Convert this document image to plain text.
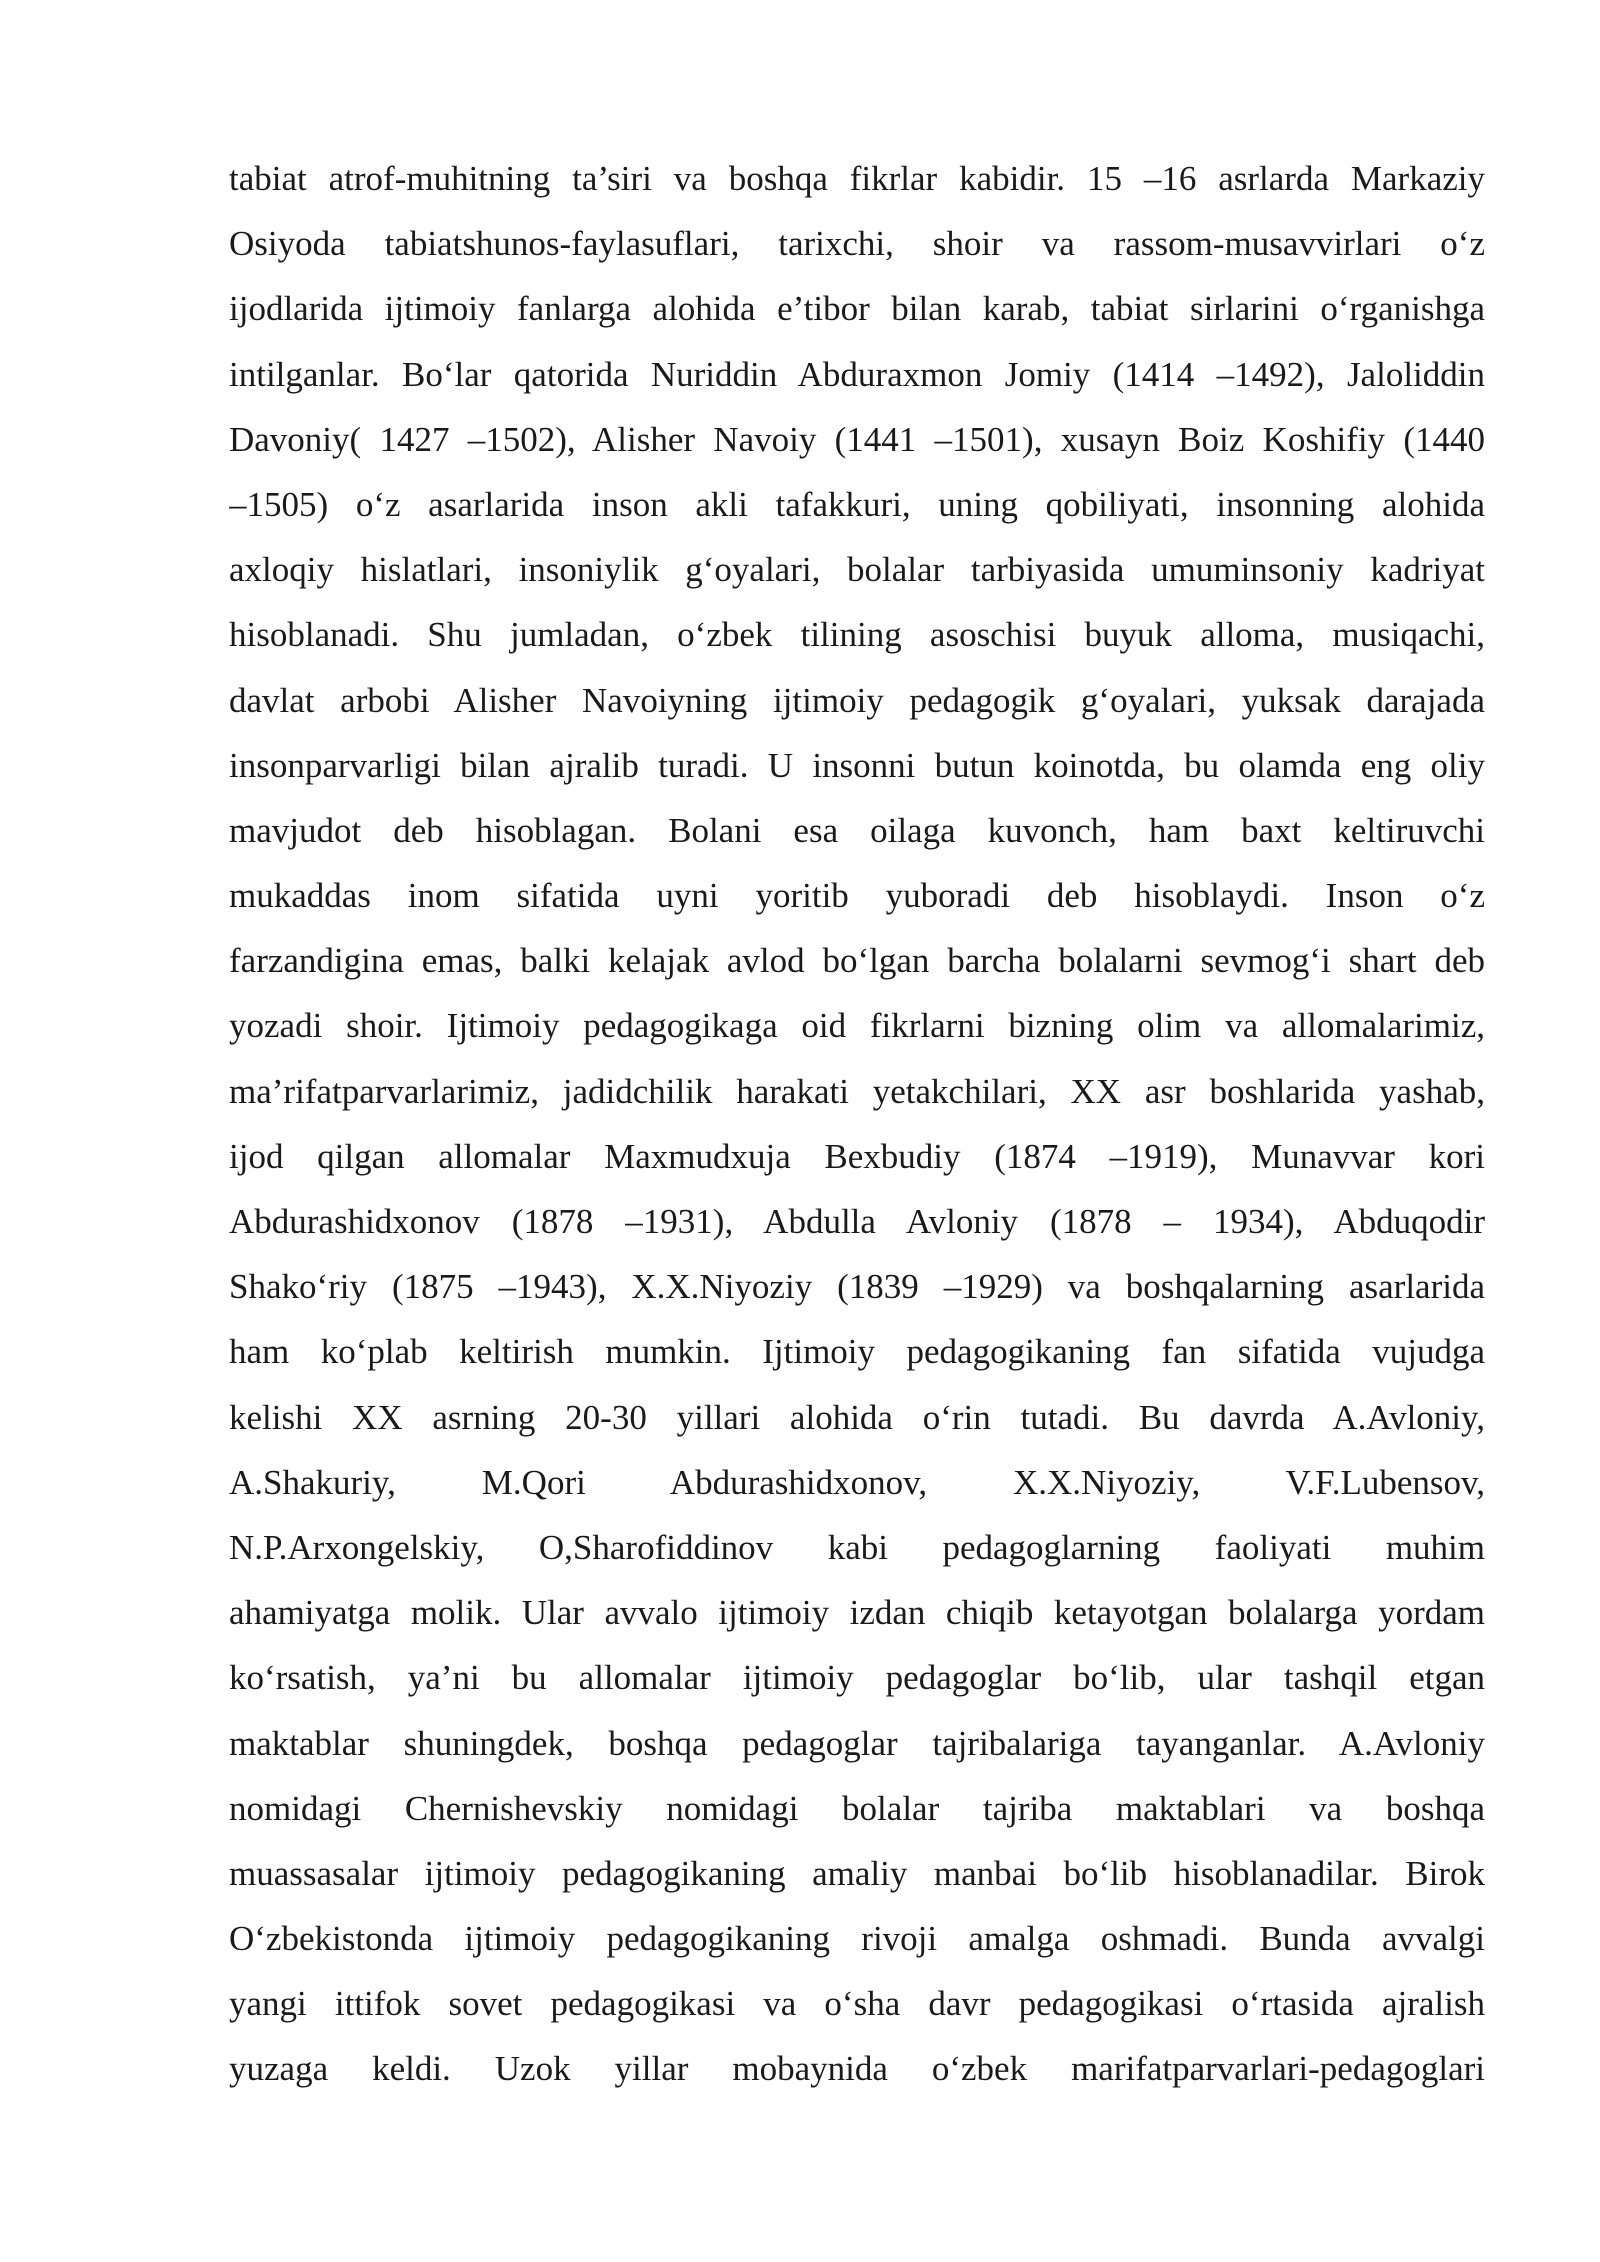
tabiat atrof-muhitning ta’siri va boshqa fikrlar kabidir. 15 –16 asrlarda Markaziy
Osiyoda tabiatshunos-faylasuflari, tarixchi, shoir va rassom-musavvirlari o‘z
ijodlarida ijtimoiy fanlarga alohida e’tibor bilan karab, tabiat sirlarini o‘rganishga
intilganlar. Bo‘lar qatorida Nuriddin Abduraxmon Jomiy (1414 –1492), Jaloliddin
Davoniy( 1427 –1502), Alisher Navoiy (1441 –1501), xusayn Boiz Koshifiy (1440
–1505) o‘z asarlarida inson akli tafakkuri, uning qobiliyati, insonning alohida
axloqiy hislatlari, insoniylik g‘oyalari, bolalar tarbiyasida umuminsoniy kadriyat
hisoblanadi. Shu jumladan, o‘zbek tilining asoschisi buyuk alloma, musiqachi,
davlat arbobi Alisher Navoiyning ijtimoiy pedagogik g‘oyalari, yuksak darajada
insonparvarligi bilan ajralib turadi. U insonni butun koinotda, bu olamda eng oliy
mavjudot deb hisoblagan. Bolani esa oilaga kuvonch, ham baxt keltiruvchi
mukaddas inom sifatida uyni yoritib yuboradi deb hisoblaydi. Inson o‘z
farzandigina emas, balki kelajak avlod bo‘lgan barcha bolalarni sevmog‘i shart deb
yozadi shoir. Ijtimoiy pedagogikaga oid fikrlarni bizning olim va allomalarimiz,
ma’rifatparvarlarimiz, jadidchilik harakati yetakchilari, XX asr boshlarida yashab,
ijod qilgan allomalar Maxmudxuja Bexbudiy (1874 –1919), Munavvar kori
Abdurashidxonov (1878 –1931), Abdulla Avloniy (1878 – 1934), Abduqodir
Shako‘riy (1875 –1943), X.X.Niyoziy (1839 –1929) va boshqalarning asarlarida
ham ko‘plab keltirish mumkin. Ijtimoiy pedagogikaning fan sifatida vujudga
kelishi XX asrning 20-30 yillari alohida o‘rin tutadi. Bu davrda A.Avloniy,
A.Shakuriy, M.Qori Abdurashidxonov, X.X.Niyoziy, V.F.Lubensov,
N.P.Arxongelskiy, O,Sharofiddinov kabi pedagoglarning faoliyati muhim
ahamiyatga molik. Ular avvalo ijtimoiy izdan chiqib ketayotgan bolalarga yordam
ko‘rsatish, ya’ni bu allomalar ijtimoiy pedagoglar bo‘lib, ular tashqil etgan
maktablar shuningdek, boshqa pedagoglar tajribalariga tayanganlar. A.Avloniy
nomidagi Chernishevskiy nomidagi bolalar tajriba maktablari va boshqa
muassasalar ijtimoiy pedagogikaning amaliy manbai bo‘lib hisoblanadilar. Birok
O‘zbekistonda ijtimoiy pedagogikaning rivoji amalga oshmadi. Bunda avvalgi
yangi ittifok sovet pedagogikasi va o‘sha davr pedagogikasi o‘rtasida ajralish
yuzaga keldi. Uzok yillar mobaynida o‘zbek marifatparvarlari-pedagoglari
